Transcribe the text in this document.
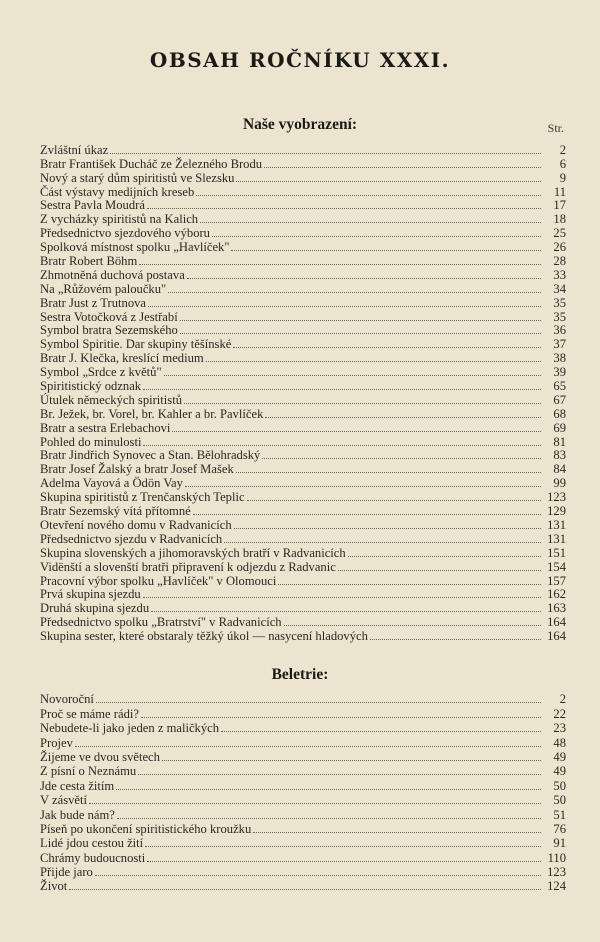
OBSAH ROČNÍKU XXXI.
Naše vyobrazení:	Str.
Zvláštní úkaz	2
Bratr František Ducháč ze Železného Brodu	6
Nový a starý dům spiritistů ve Slezsku	9
Část výstavy medijních kreseb	11
Sestra Pavla Moudrá	17
Z vycházky spiritistů na Kalich	18
Předsednictvo sjezdového výboru	25
Spolková místnost spolku „Havlíček"	26
Bratr Robert Böhm	28
Zhmotněná duchová postava	33
Na „Růžovém paloučku"	34
Bratr Just z Trutnova	35
Sestra Votočková z Jestřabí	35
Symbol bratra Sezemského	36
Symbol Spiritie. Dar skupiny těšínské	37
Bratr J. Klečka, kreslící medium	38
Symbol „Srdce z květů"	39
Spiritistický odznak	65
Útulek německých spiritistů	67
Br. Ježek, br. Vorel, br. Kahler a br. Pavlíček	68
Bratr a sestra Erlebachovi	69
Pohled do minulosti	81
Bratr Jindřich Synovec a Stan. Bělohradský	83
Bratr Josef Žalský a bratr Josef Mašek	84
Adelma Vayová a Ödön Vay	99
Skupina spiritistů z Trenčanských Teplic	123
Bratr Sezemský vítá přítomné	129
Otevření nového domu v Radvanicích	131
Předsednictvo sjezdu v Radvanicích	131
Skupina slovenských a jihomoravských bratří v Radvanicích	151
Vidënští a slovenští bratři připravení k odjezdu z Radvanic	154
Pracovní výbor spolku „Havlíček" v Olomouci	157
Prvá skupina sjezdu	162
Druhá skupina sjezdu	163
Předsednictvo spolku „Bratrství" v Radvanicích	164
Skupina sester, které obstaraly těžký úkol — nasycení hladových	164
Beletrie:
Novoroční	2
Proč se máme rádi?	22
Nebudete-li jako jeden z maličkých	23
Projev	48
Žijeme ve dvou světech	49
Z písní o Neznámu	49
Jde cesta žitím	50
V zásvětí	50
Jak bude nám?	51
Píseň po ukončení spiritistického kroužku	76
Lidé jdou cestou žití	91
Chrámy budoucnosti	110
Přijde jaro	123
Život	124
